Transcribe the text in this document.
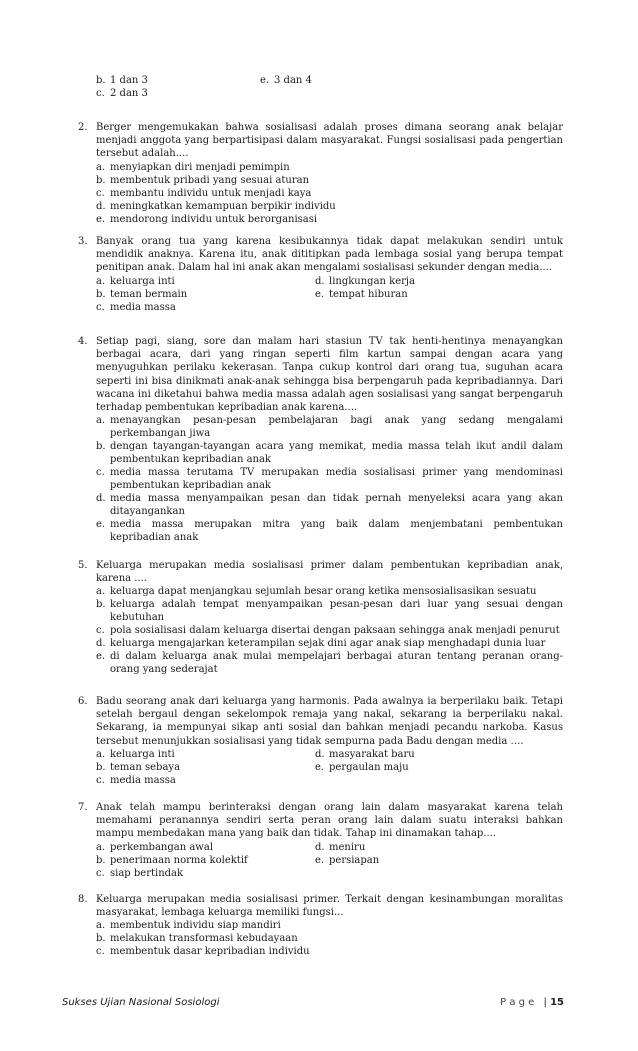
b. 1 dan 3	e. 3 dan 4
c. 2 dan 3
2. Berger mengemukakan bahwa sosialisasi adalah proses dimana seorang anak belajar menjadi anggota yang berpartisipasi dalam masyarakat. Fungsi sosialisasi pada pengertian tersebut adalah....
a. menyiapkan diri menjadi pemimpin
b. membentuk pribadi yang sesuai aturan
c. membantu individu untuk menjadi kaya
d. meningkatkan kemampuan berpikir individu
e. mendorong individu untuk berorganisasi
3. Banyak orang tua yang karena kesibukannya tidak dapat melakukan sendiri untuk mendidik anaknya. Karena itu, anak dititipkan pada lembaga sosial yang berupa tempat penitipan anak. Dalam hal ini anak akan mengalami sosialisasi sekunder dengan media....
a. keluarga inti	d. lingkungan kerja
b. teman bermain	e. tempat hiburan
c. media massa
4. Setiap pagi, siang, sore dan malam hari stasiun TV tak henti-hentinya menayangkan berbagai acara, dari yang ringan seperti film kartun sampai dengan acara yang menyuguhkan perilaku kekerasan. Tanpa cukup kontrol dari orang tua, suguhan acara seperti ini bisa dinikmati anak-anak sehingga bisa berpengaruh pada kepribadiannya. Dari wacana ini diketahui bahwa media massa adalah agen sosialisasi yang sangat berpengaruh terhadap pembentukan kepribadian anak karena....
a. menayangkan pesan-pesan pembelajaran bagi anak yang sedang mengalami perkembangan jiwa
b. dengan tayangan-tayangan acara yang memikat, media massa telah ikut andil dalam pembentukan kepribadian anak
c. media massa terutama TV merupakan media sosialisasi primer yang mendominasi pembentukan kepribadian anak
d. media massa menyampaikan pesan dan tidak pernah menyeleksi acara yang akan ditayangankan
e. media massa merupakan mitra yang baik dalam menjembatani pembentukan kepribadian anak
5. Keluarga merupakan media sosialisasi primer dalam pembentukan kepribadian anak, karena ....
a. keluarga dapat menjangkau sejumlah besar orang ketika mensosialisasikan sesuatu
b. keluarga adalah tempat menyampaikan pesan-pesan dari luar yang sesuai dengan kebutuhan
c. pola sosialisasi dalam keluarga disertai dengan paksaan sehingga anak menjadi penurut
d. keluarga mengajarkan keterampilan sejak dini agar anak siap menghadapi dunia luar
e. di dalam keluarga anak mulai mempelajari berbagai aturan tentang peranan orang-orang yang sederajat
6. Badu seorang anak dari keluarga yang harmonis. Pada awalnya ia berperilaku baik. Tetapi setelah bergaul dengan sekelompok remaja yang nakal, sekarang ia berperilaku nakal. Sekarang, ia mempunyai sikap anti sosial dan bahkan menjadi pecandu narkoba. Kasus tersebut menunjukkan sosialisasi yang tidak sempurna pada Badu dengan media ….
a. keluarga inti	d. masyarakat baru
b. teman sebaya	e. pergaulan maju
c. media massa
7. Anak telah mampu berinteraksi dengan orang lain dalam masyarakat karena telah memahami peranannya sendiri serta peran orang lain dalam suatu interaksi bahkan mampu membedakan mana yang baik dan tidak. Tahap ini dinamakan tahap....
a. perkembangan awal	d. meniru
b. penerimaan norma kolektif	e. persiapan
c. siap bertindak
8. Keluarga merupakan media sosialisasi primer. Terkait dengan kesinambungan moralitas masyarakat, lembaga keluarga memiliki fungsi...
a. membentuk individu siap mandiri
b. melakukan transformasi kebudayaan
c. membentuk dasar kepribadian individu
Sukses Ujian Nasional Sosiologi	P a g e | 15
